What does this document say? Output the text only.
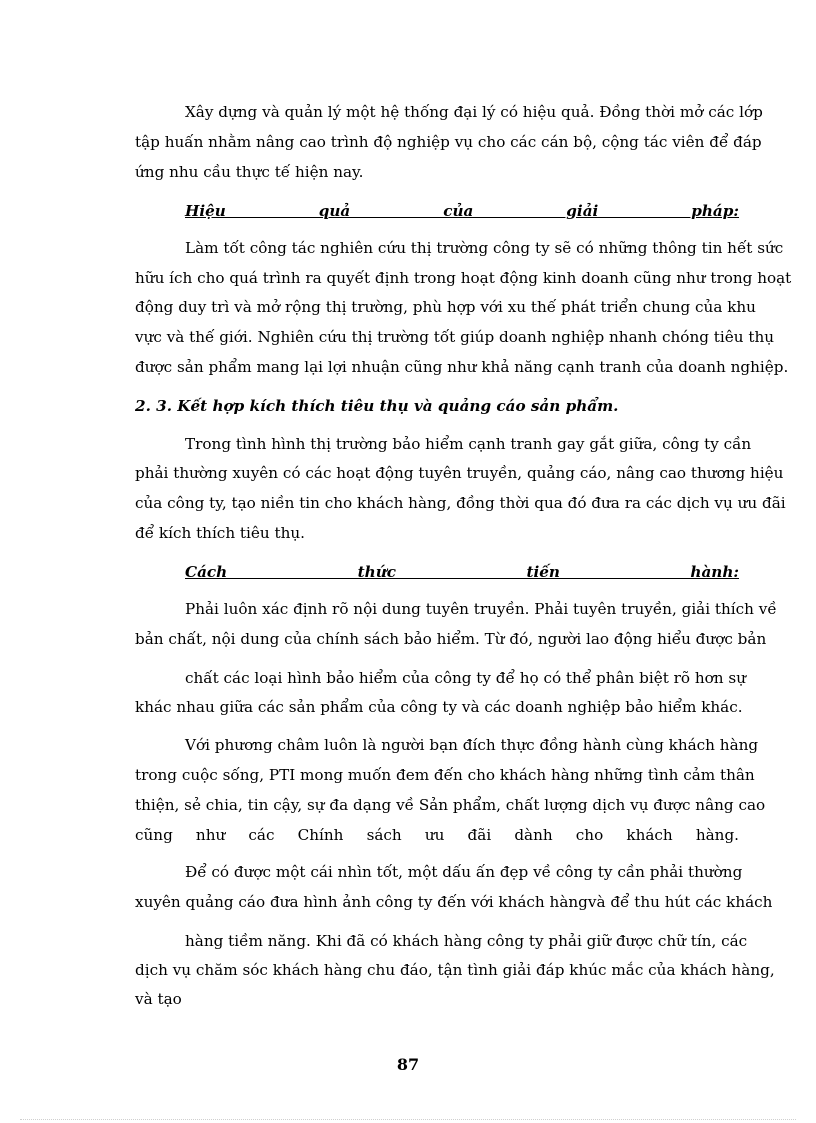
Xây dựng và quản lý một hệ thống đại lý có hiệu quả. Đồng thời mở các lớp
tập huấn nhằm nâng cao trình độ nghiệp vụ cho các cán bộ, cộng tác viên để đáp
ứng nhu cầu thực tế hiện nay.
Hiệu quả của giải pháp:
Làm tốt công tác nghiên cứu thị trường công ty sẽ có những thông tin hết sức
hữu ích cho quá trình ra quyết định trong hoạt động kinh doanh cũng như trong hoạt
động duy trì và mở rộng thị trường, phù hợp với xu thế phát triển chung của khu
vực và thế giới. Nghiên cứu thị trường tốt giúp doanh nghiệp nhanh chóng tiêu thụ
được sản phẩm mang lại lợi nhuận cũng như khả năng cạnh tranh của doanh nghiệp.
2. 3. Kết hợp kích thích tiêu thụ và quảng cáo sản phẩm.
Trong tình hình thị trường bảo hiểm cạnh tranh gay gắt giữa, công ty cần
phải thường xuyên có các hoạt động tuyên truyền, quảng cáo, nâng cao thương hiệu
của công ty, tạo niền tin cho khách hàng, đồng thời qua đó đưa ra các dịch vụ ưu đãi
để kích thích tiêu thụ.
Cách thức tiến hành:
Phải luôn xác định rõ nội dung tuyên truyền. Phải tuyên truyền, giải thích về
bản chất, nội dung của chính sách bảo hiểm. Từ đó, người lao động hiểu được bản
chất các loại hình bảo hiểm của công ty để họ có thể phân biệt rõ hơn sự
khác nhau giữa các sản phẩm của công ty và các doanh nghiệp bảo hiểm khác.
Với phương châm luôn là người bạn đích thực đồng hành cùng khách hàng
trong cuộc sống, PTI mong muốn đem đến cho khách hàng những tình cảm thân
thiện, sẻ chia, tin cậy, sự đa dạng về Sản phẩm, chất lượng dịch vụ được nâng cao
cũng như các Chính sách ưu đãi dành cho khách hàng.
Để có được một cái nhìn tốt, một dấu ấn đẹp về công ty cần phải thường
xuyên quảng cáo đưa hình ảnh công ty đến với khách hàngvà để thu hút các khách
hàng tiềm năng. Khi đã có khách hàng công ty phải giữ được chữ tín, các
dịch vụ chăm sóc khách hàng chu đáo, tận tình giải đáp khúc mắc của khách hàng,
và tạo
87
